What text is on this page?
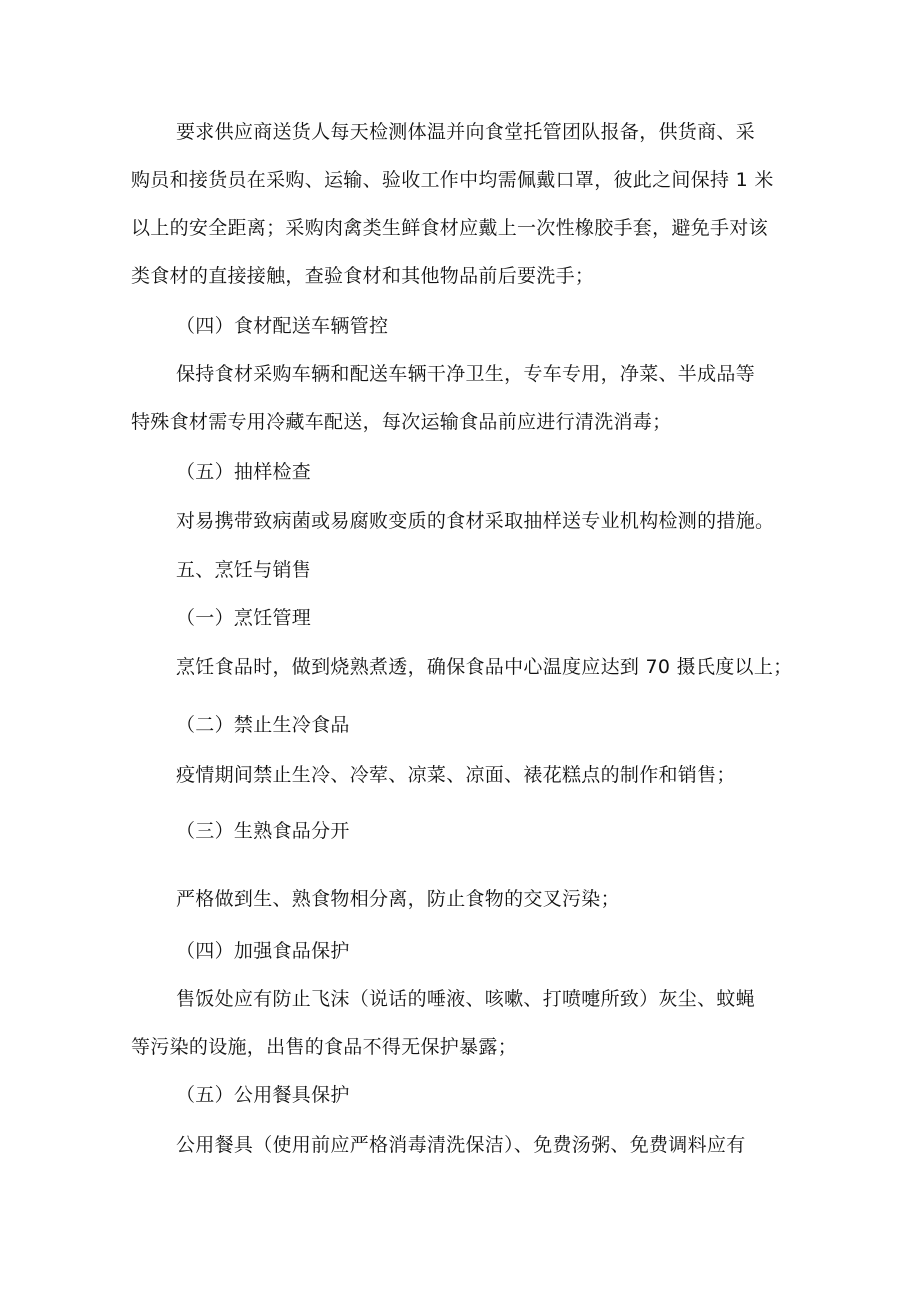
要求供应商送货人每天检测体温并向食堂托管团队报备，供货商、采
购员和接货员在采购、运输、验收工作中均需佩戴口罩，彼此之间保持 1 米
以上的安全距离；采购肉禽类生鲜食材应戴上一次性橡胶手套，避免手对该
类食材的直接接触，查验食材和其他物品前后要洗手；
（四）食材配送车辆管控
保持食材采购车辆和配送车辆干净卫生，专车专用，净菜、半成品等
特殊食材需专用冷藏车配送，每次运输食品前应进行清洗消毒；
（五）抽样检查
对易携带致病菌或易腐败变质的食材采取抽样送专业机构检测的措施。
五、烹饪与销售
（一）烹饪管理
烹饪食品时，做到烧熟煮透，确保食品中心温度应达到 70 摄氏度以上；
（二）禁止生冷食品
疫情期间禁止生冷、冷荤、凉菜、凉面、裱花糕点的制作和销售；
（三）生熟食品分开
严格做到生、熟食物相分离，防止食物的交叉污染；
（四）加强食品保护
售饭处应有防止飞沫（说话的唾液、咳嗽、打喷嚏所致）灰尘、蚊蝇
等污染的设施，出售的食品不得无保护暴露；
（五）公用餐具保护
公用餐具（使用前应严格消毒清洗保洁）、免费汤粥、免费调料应有
